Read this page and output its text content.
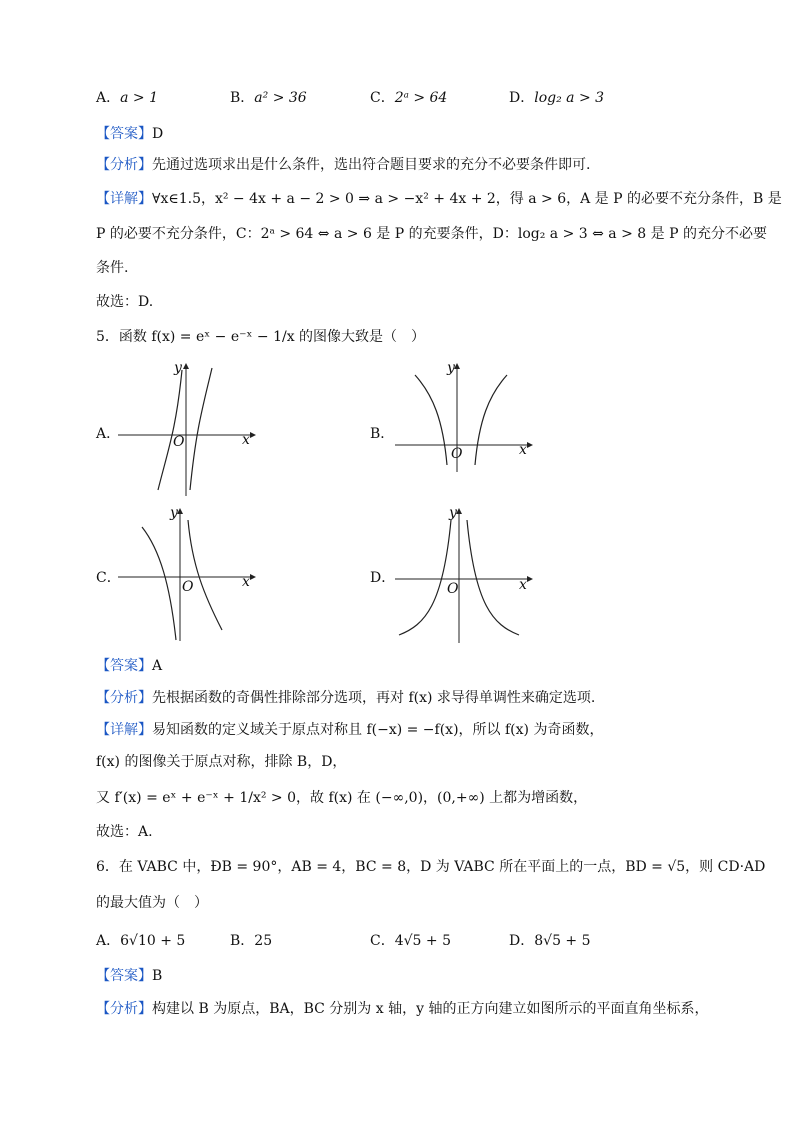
A．a > 1	B．a² > 36	C．2ᵃ > 64	D．log₂ a > 3
【答案】D
【分析】先通过选项求出是什么条件，选出符合题目要求的充分不必要条件即可.
【详解】∀x∈1.5，x² − 4x + a − 2 > 0 ⇒ a > −x² + 4x + 2，得 a > 6，A 是 P 的必要不充分条件，B 是
P 的必要不充分条件，C：2ᵃ > 64 ⇔ a > 6 是 P 的充要条件，D：log₂ a > 3 ⇔ a > 8 是 P 的充分不必要
条件.
故选：D.
5．函数 f(x) = eˣ − e⁻ˣ − 1/x 的图像大致是（　）
A．
y
x
O	B．
y
x
O
C．
y
x
O
D．
y
x
O
【答案】A
【分析】先根据函数的奇偶性排除部分选项，再对 f(x) 求导得单调性来确定选项.
【详解】易知函数的定义域关于原点对称且 f(−x) = −f(x)，所以 f(x) 为奇函数，
f(x) 的图像关于原点对称，排除 B，D，
又 f′(x) = eˣ + e⁻ˣ + 1/x² > 0，故 f(x) 在 (−∞,0)，(0,+∞) 上都为增函数，
故选：A.
6．在 VABC 中，ÐB = 90°，AB = 4，BC = 8，D 为 VABC 所在平面上的一点，BD = √5，则 CD·AD
的最大值为（　）
A．6√10 + 5	B．25	C．4√5 + 5	D．8√5 + 5
【答案】B
【分析】构建以 B 为原点，BA，BC 分别为 x 轴，y 轴的正方向建立如图所示的平面直角坐标系，
